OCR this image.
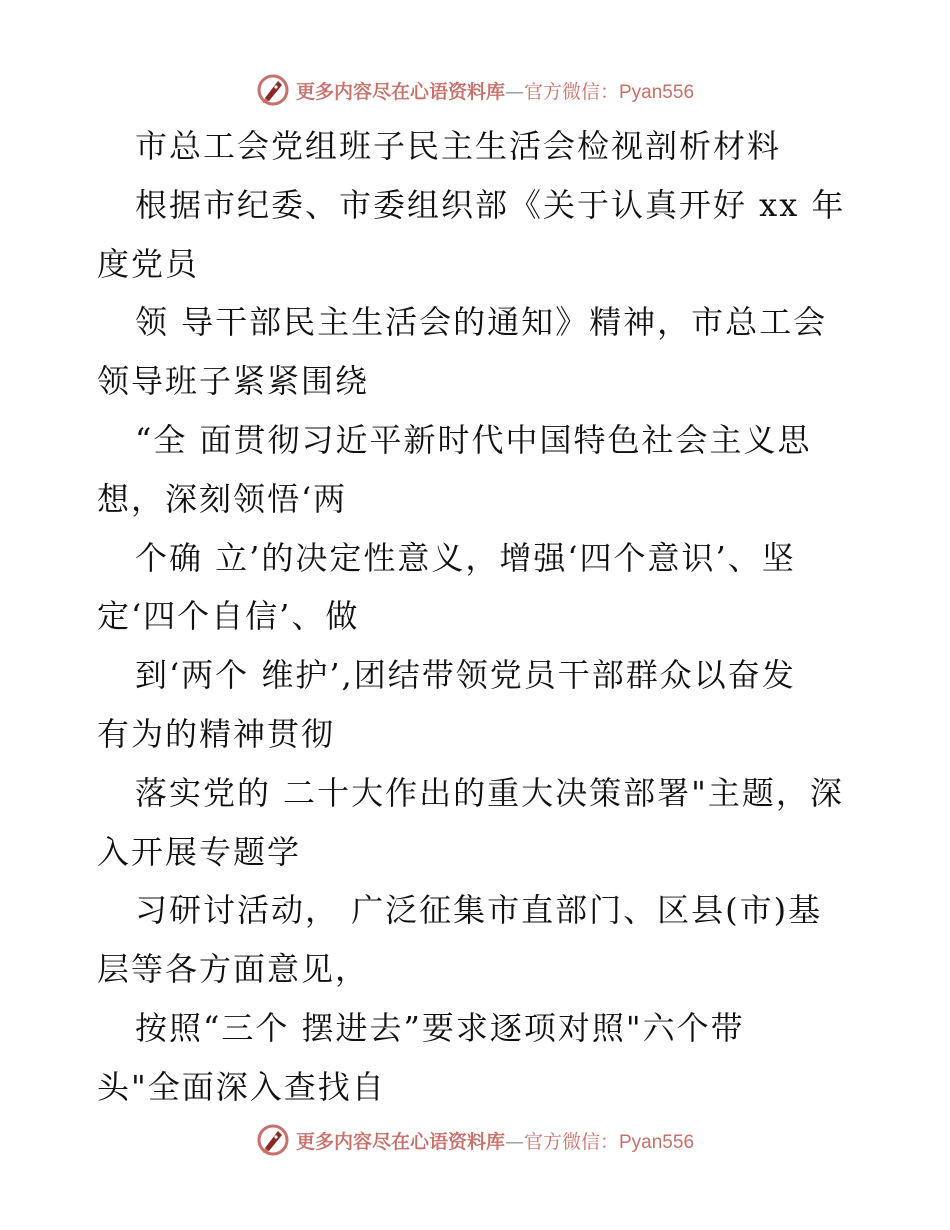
更多内容尽在心语资料库—官方微信：Pyan556
市总工会党组班子民主生活会检视剖析材料
根据市纪委、市委组织部《关于认真开好 xx 年
度党员
领 导干部民主生活会的通知》精神，市总工会
领导班子紧紧围绕
“全 面贯彻习近平新时代中国特色社会主义思
想，深刻领悟‘两
个确 立’的决定性意义，增强‘四个意识’、坚
定‘四个自信’、做
到‘两个 维护’,团结带领党员干部群众以奋发
有为的精神贯彻
落实党的 二十大作出的重大决策部署"主题，深
入开展专题学
习研讨活动， 广泛征集市直部门、区县(市)基
层等各方面意见，
按照“三个 摆进去”要求逐项对照"六个带
头"全面深入查找自
更多内容尽在心语资料库—官方微信：Pyan556
